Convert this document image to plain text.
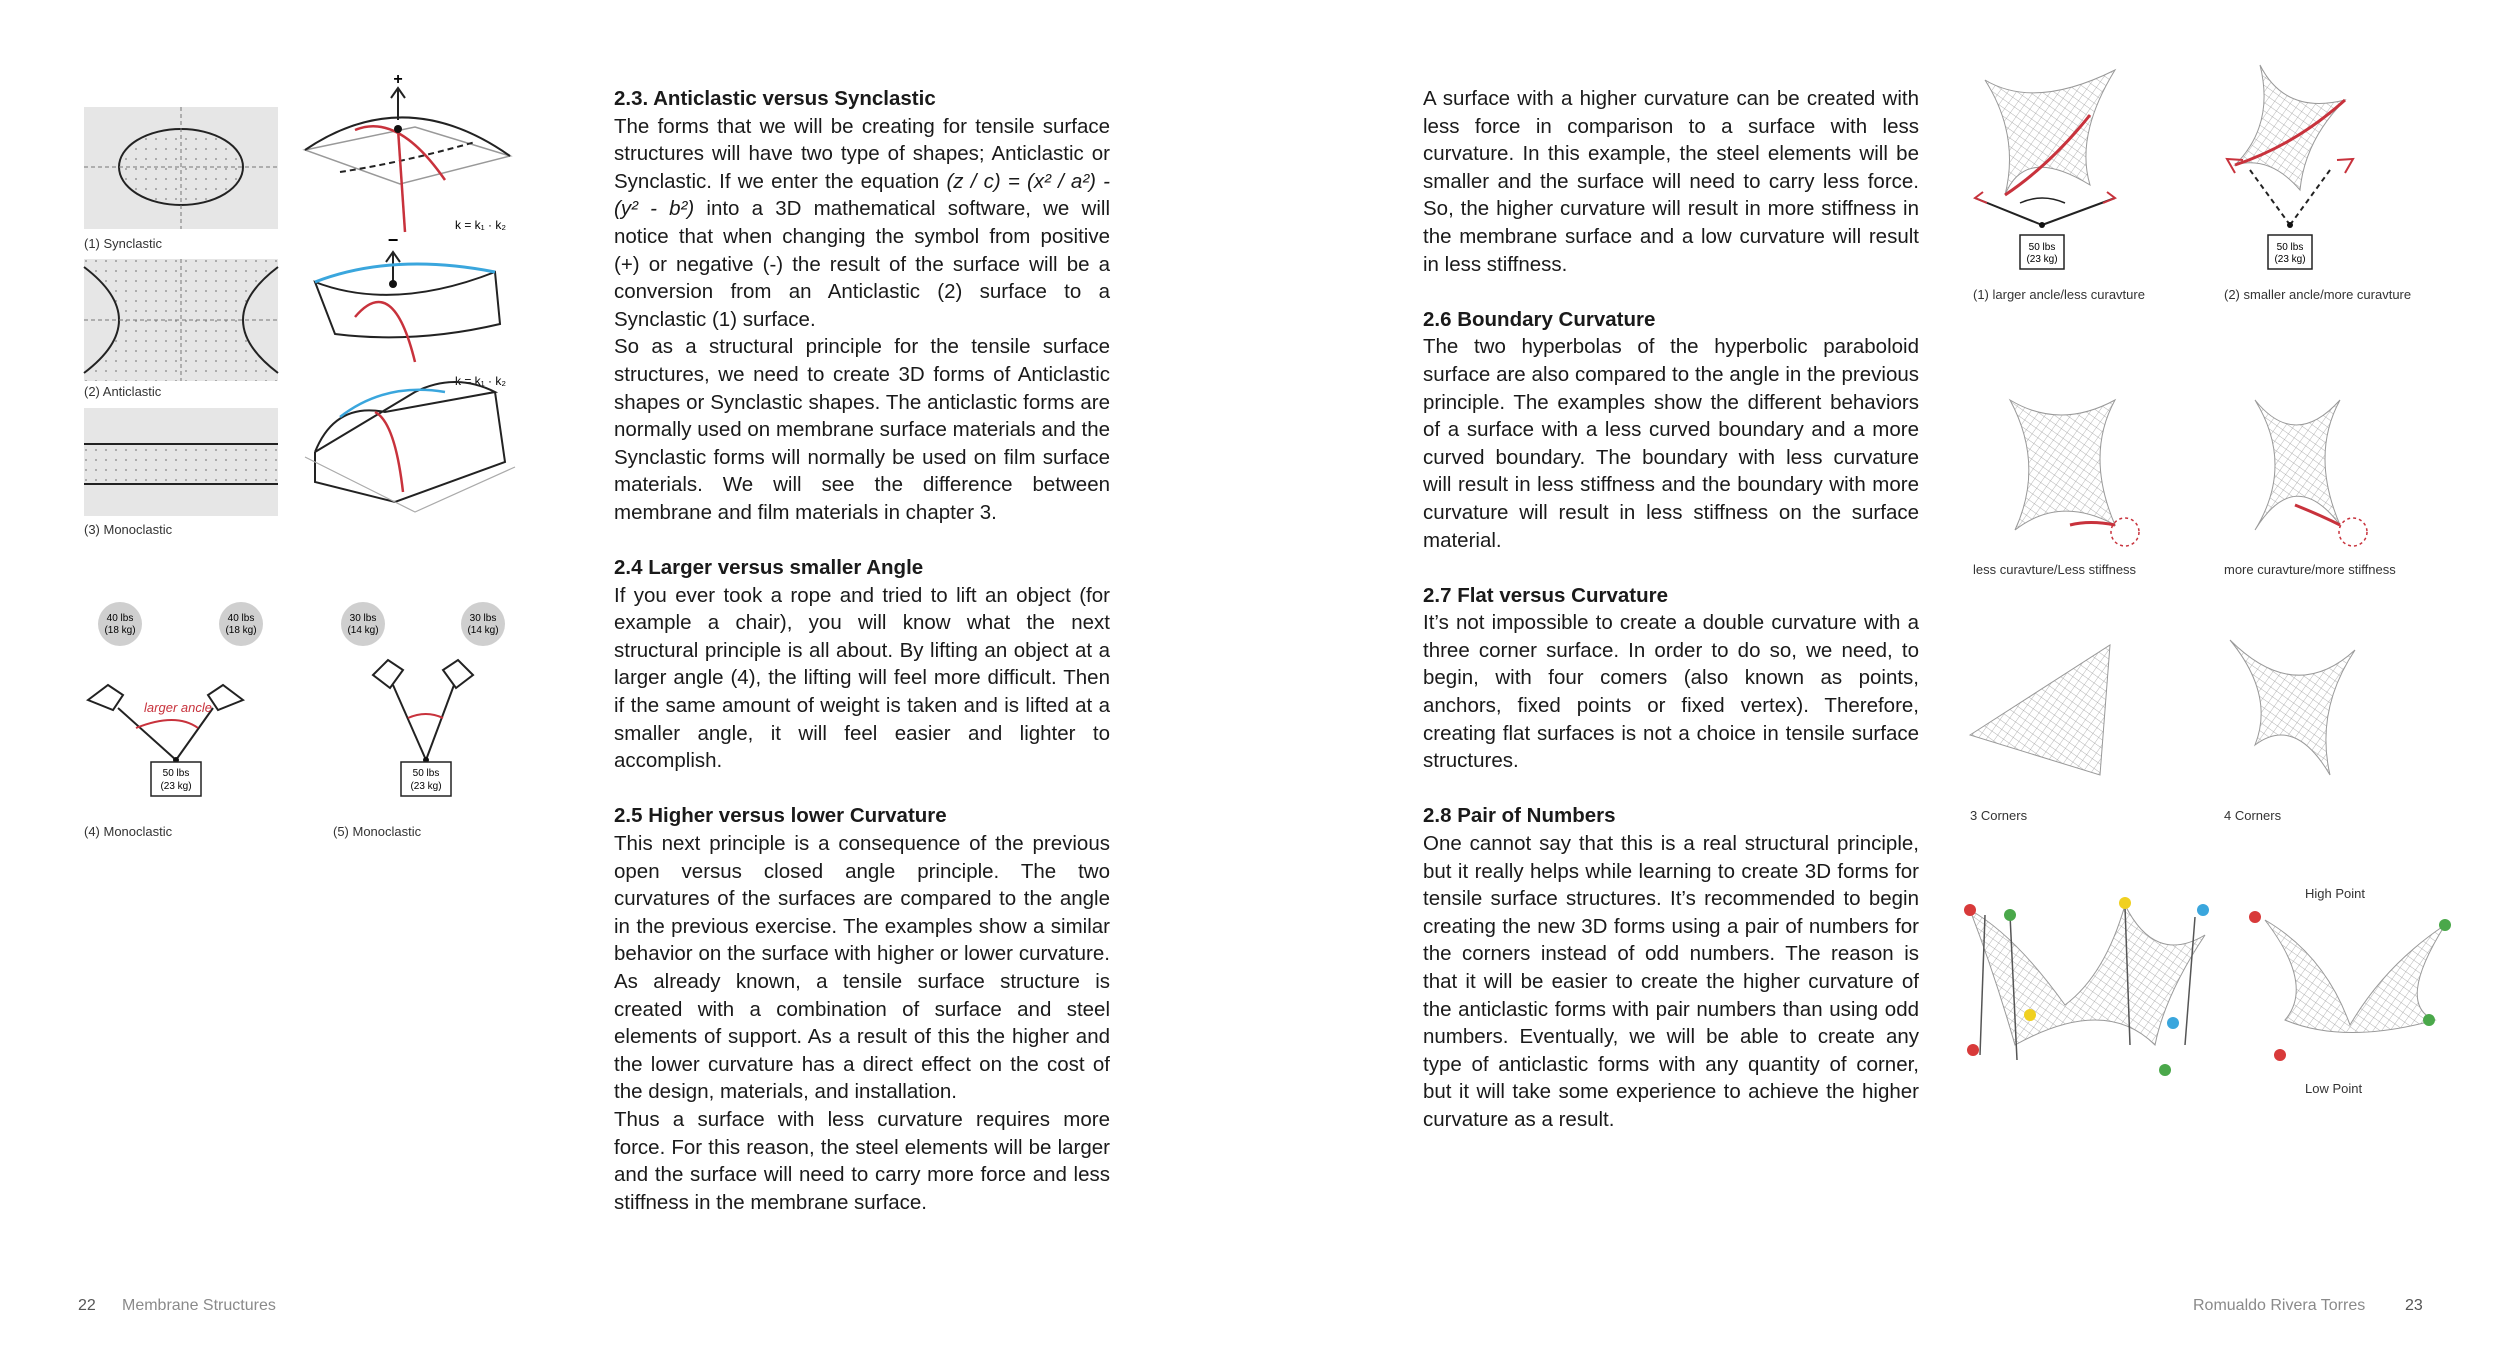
(1) Synclastic
(2) Anticlastic
(3) Monoclastic
+
k = k₁ · k₂
−
k = k₁ · k₂
40 lbs
(18 kg)
40 lbs
(18 kg)
30 lbs
(14 kg)
30 lbs
(14 kg)
larger ancle
50 lbs
(23 kg)
50 lbs
(23 kg)
(4) Monoclastic	(5) Monoclastic
2.3. Anticlastic versus Synclastic

The forms that we will be creating for tensile surface structures will have two type of shapes; Anticlastic or Synclastic. If we enter the equation (z / c) = (x² / a²) - (y² - b²) into a 3D mathematical software, we will notice that when changing the symbol from positive (+) or negative (-) the result of the surface will be a conversion from an Anticlastic (2) surface to a Synclastic (1) surface.

So as a structural principle for the tensile surface structures, we need to create 3D forms of Anticlastic shapes or Synclastic shapes. The anticlastic forms are normally used on membrane surface materials and the Synclastic forms will normally be used on film surface materials. We will see the difference between membrane and film materials in chapter 3.

2.4 Larger versus smaller Angle

If you ever took a rope and tried to lift an object (for example a chair), you will know what the next structural principle is all about. By lifting an object at a larger angle (4), the lifting will feel more difficult. Then if the same amount of weight is taken and is lifted at a smaller angle, it will feel easier and lighter to accomplish.

2.5 Higher versus lower Curvature

This next principle is a consequence of the previous open versus closed angle principle. The two curvatures of the surfaces are compared to the angle in the previous exercise. The examples show a similar behavior on the surface with higher or lower curvature. As already known, a tensile surface structure is created with a combination of surface and steel elements of support. As a result of this the higher and the lower curvature has a direct effect on the cost of the design, materials, and installation.

Thus a surface with less curvature requires more force. For this reason, the steel elements will be larger and the surface will need to carry more force and less stiffness in the membrane surface.

A surface with a higher curvature can be created with less force in comparison to a surface with less curvature. In this example, the steel elements will be smaller and the surface will need to carry less force. So, the higher curvature will result in more stiffness in the membrane surface and a low curvature will result in less stiffness.

2.6 Boundary Curvature

The two hyperbolas of the hyperbolic paraboloid surface are also compared to the angle in the previous principle. The examples show the different behaviors of a surface with a less curved boundary and a more curved boundary. The boundary with less curvature will result in less stiffness and the boundary with more curvature will result in less stiffness on the surface material.

2.7 Flat versus Curvature

It’s not impossible to create a double curvature with a three corner surface. In order to do so, we need, to begin, with four comers (also known as points, anchors, fixed points or fixed vertex). Therefore, creating flat surfaces is not a choice in tensile surface structures.

2.8 Pair of Numbers

One cannot say that this is a real structural principle, but it really helps while learning to create 3D forms for tensile surface structures. It’s recommended to begin creating the new 3D forms using a pair of numbers for the corners instead of odd numbers. The reason is that it will be easier to create the higher curvature of the anticlastic forms with pair numbers than using odd numbers. Eventually, we will be able to create any type of anticlastic forms with any quantity of corner, but it will take some experience to achieve the higher curvature as a result.

50 lbs
(23 kg)
50 lbs
(23 kg)
(1) larger ancle/less curavture	(2) smaller ancle/more curavture
less curavture/Less stiffness	more curavture/more stiffness
3 Corners	4 Corners
High Point
Low Point
22 Membrane Structures	Romualdo Rivera Torres 23
